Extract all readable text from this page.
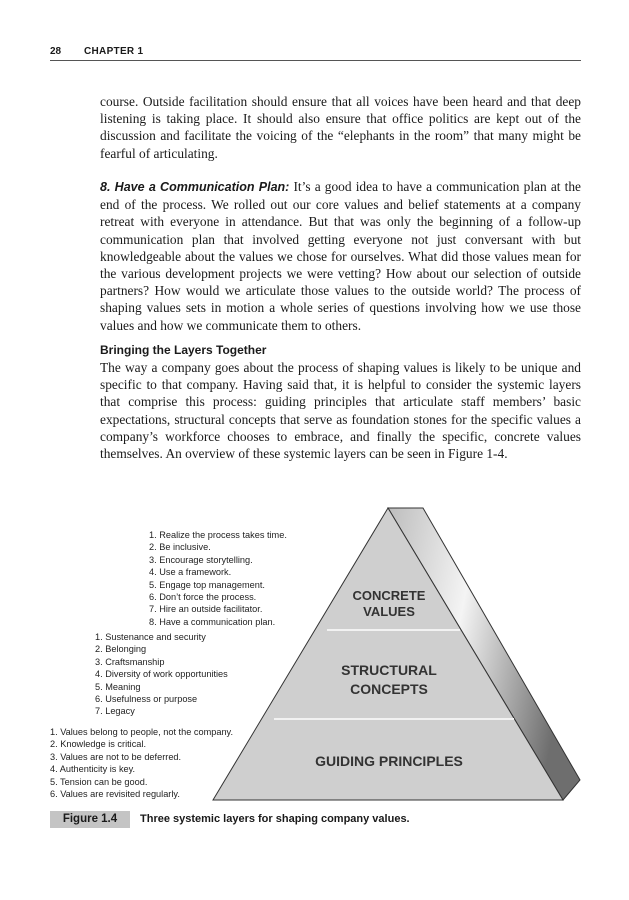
28 CHAPTER 1

course. Outside facilitation should ensure that all voices have been heard and that deep listening is taking place. It should also ensure that office politics are kept out of the discussion and facilitate the voicing of the “elephants in the room” that many might be fearful of articulating.

8. Have a Communication Plan: It’s a good idea to have a communication plan at the end of the process. We rolled out our core values and belief statements at a company retreat with everyone in attendance. But that was only the beginning of a follow-up communication plan that involved getting everyone not just conversant with but knowledgeable about the values we chose for ourselves. What did those values mean for the various development projects we were vetting? How about our selection of outside partners? How would we articulate those values to the outside world? The process of shaping values sets in motion a whole series of questions involving how we use those values and how we communicate them to others.

Bringing the Layers Together

The way a company goes about the process of shaping values is likely to be unique and specific to that company. Having said that, it is helpful to consider the systemic layers that comprise this process: guiding principles that articulate staff members’ basic expectations, structural concepts that serve as foundation stones for the specific values a company’s workforce chooses to embrace, and finally the specific, concrete values themselves. An overview of these systemic layers can be seen in Figure 1-4.

CONCRETE
VALUES
STRUCTURAL
CONCEPTS
GUIDING PRINCIPLES
1. Realize the process takes time.
2. Be inclusive.
3. Encourage storytelling.
4. Use a framework.
5. Engage top management.
6. Don’t force the process.
7. Hire an outside facilitator.
8. Have a communication plan.
1. Sustenance and security
2. Belonging
3. Craftsmanship
4. Diversity of work opportunities
5. Meaning
6. Usefulness or purpose
7. Legacy
1. Values belong to people, not the company.
2. Knowledge is critical.
3. Values are not to be deferred.
4. Authenticity is key.
5. Tension can be good.
6. Values are revisited regularly.
Figure 1.4	Three systemic layers for shaping company values.
